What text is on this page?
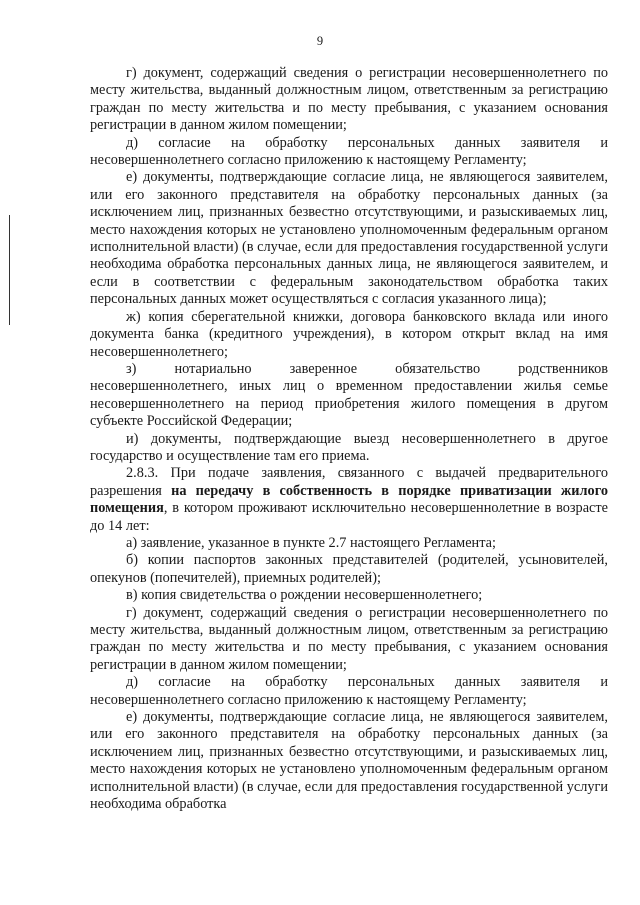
9

г) документ, содержащий сведения о регистрации несовершеннолетнего по месту жительства, выданный должностным лицом, ответственным за регистрацию граждан по месту жительства и по месту пребывания, с указанием основания регистрации в данном жилом помещении;

д) согласие на обработку персональных данных заявителя и несовершеннолетнего согласно приложению к настоящему Регламенту;

е) документы, подтверждающие согласие лица, не являющегося заявителем, или его законного представителя на обработку персональных данных (за исключением лиц, признанных безвестно отсутствующими, и разыскиваемых лиц, место нахождения которых не установлено уполномоченным федеральным органом исполнительной власти) (в случае, если для предоставления государственной услуги необходима обработка персональных данных лица, не являющегося заявителем, и если в соответствии с федеральным законодательством обработка таких персональных данных может осуществляться с согласия указанного лица);

ж) копия сберегательной книжки, договора банковского вклада или иного документа банка (кредитного учреждения), в котором открыт вклад на имя несовершеннолетнего;

з) нотариально заверенное обязательство родственников несовершеннолетнего, иных лиц о временном предоставлении жилья семье несовершеннолетнего на период приобретения жилого помещения в другом субъекте Российской Федерации;

и) документы, подтверждающие выезд несовершеннолетнего в другое государство и осуществление там его приема.

2.8.3. При подаче заявления, связанного с выдачей предварительного разрешения на передачу в собственность в порядке приватизации жилого помещения, в котором проживают исключительно несовершеннолетние в возрасте до 14 лет:

а) заявление, указанное в пункте 2.7 настоящего Регламента;

б) копии паспортов законных представителей (родителей, усыновителей, опекунов (попечителей), приемных родителей);

в) копия свидетельства о рождении несовершеннолетнего;

г) документ, содержащий сведения о регистрации несовершеннолетнего по месту жительства, выданный должностным лицом, ответственным за регистрацию граждан по месту жительства и по месту пребывания, с указанием основания регистрации в данном жилом помещении;

д) согласие на обработку персональных данных заявителя и несовершеннолетнего согласно приложению к настоящему Регламенту;

е) документы, подтверждающие согласие лица, не являющегося заявителем, или его законного представителя на обработку персональных данных (за исключением лиц, признанных безвестно отсутствующими, и разыскиваемых лиц, место нахождения которых не установлено уполномоченным федеральным органом исполнительной власти) (в случае, если для предоставления государственной услуги необходима обработка
